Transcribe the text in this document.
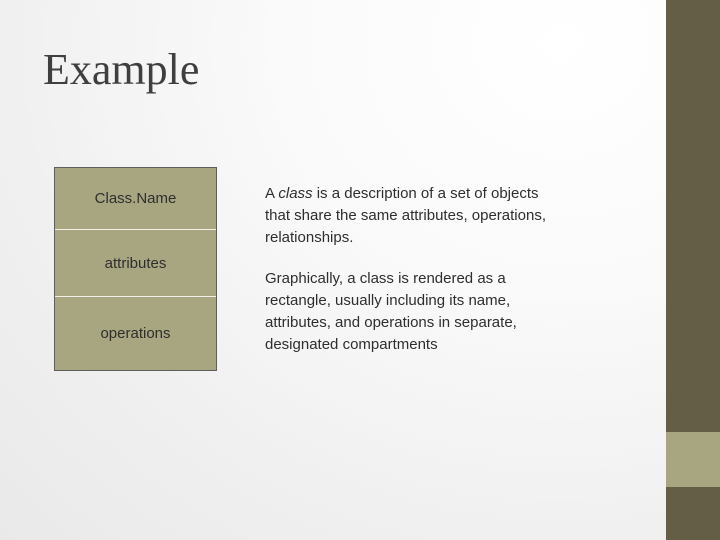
Example
Class.Name
attributes
operations
A class is a description of a set of objects that share the same attributes, operations, relationships.
Graphically, a class is rendered as a rectangle, usually including its name, attributes, and operations in separate, designated compartments
